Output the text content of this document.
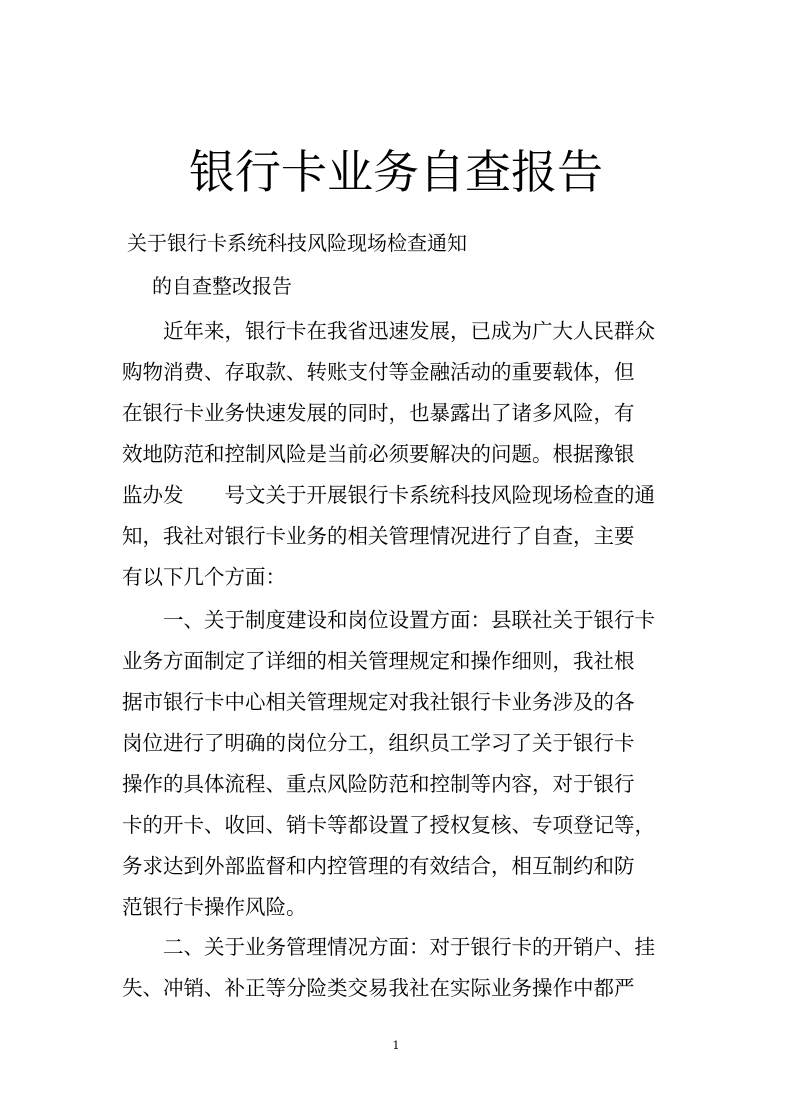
银行卡业务自查报告

关于银行卡系统科技风险现场检查通知

的自查整改报告

　　近年来，银行卡在我省迅速发展，已成为广大人民群众
购物消费、存取款、转账支付等金融活动的重要载体，但
在银行卡业务快速发展的同时，也暴露出了诸多风险，有
效地防范和控制风险是当前必须要解决的问题。根据豫银
监办发　　号文关于开展银行卡系统科技风险现场检查的通
知，我社对银行卡业务的相关管理情况进行了自查，主要
有以下几个方面：
　　一、关于制度建设和岗位设置方面：县联社关于银行卡
业务方面制定了详细的相关管理规定和操作细则，我社根
据市银行卡中心相关管理规定对我社银行卡业务涉及的各
岗位进行了明确的岗位分工，组织员工学习了关于银行卡
操作的具体流程、重点风险防范和控制等内容，对于银行
卡的开卡、收回、销卡等都设置了授权复核、专项登记等，
务求达到外部监督和内控管理的有效结合，相互制约和防
范银行卡操作风险。
　　二、关于业务管理情况方面：对于银行卡的开销户、挂
失、冲销、补正等分险类交易我社在实际业务操作中都严
1
